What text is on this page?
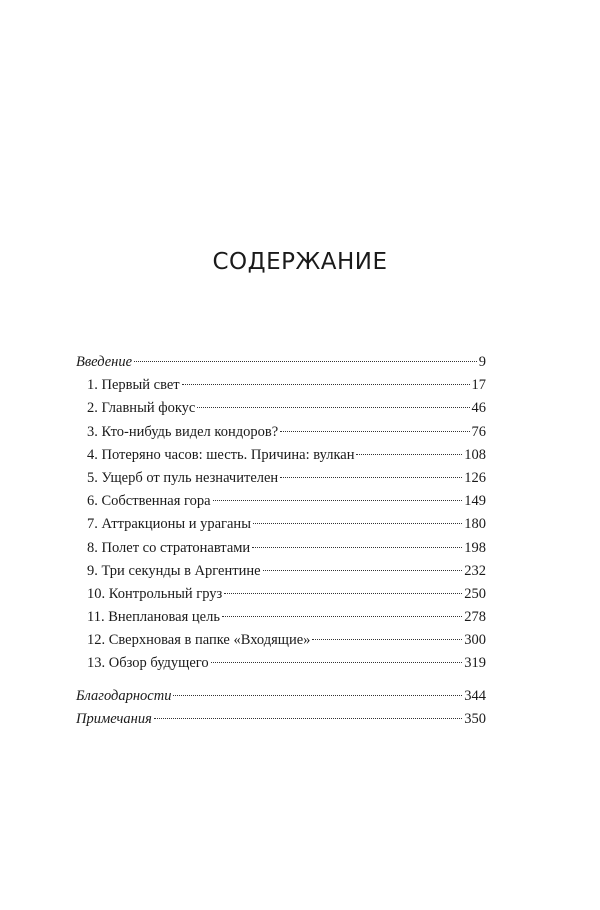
СОДЕРЖАНИЕ
Введение	9
1. Первый свет	17
2. Главный фокус	46
3. Кто-нибудь видел кондоров?	76
4. Потеряно часов: шесть. Причина: вулкан	108
5. Ущерб от пуль незначителен	126
6. Собственная гора	149
7. Аттракционы и ураганы	180
8. Полет со стратонавтами	198
9. Три секунды в Аргентине	232
10. Контрольный груз	250
11. Внеплановая цель	278
12. Сверхновая в папке «Входящие»	300
13. Обзор будущего	319
Благодарности	344
Примечания	350
